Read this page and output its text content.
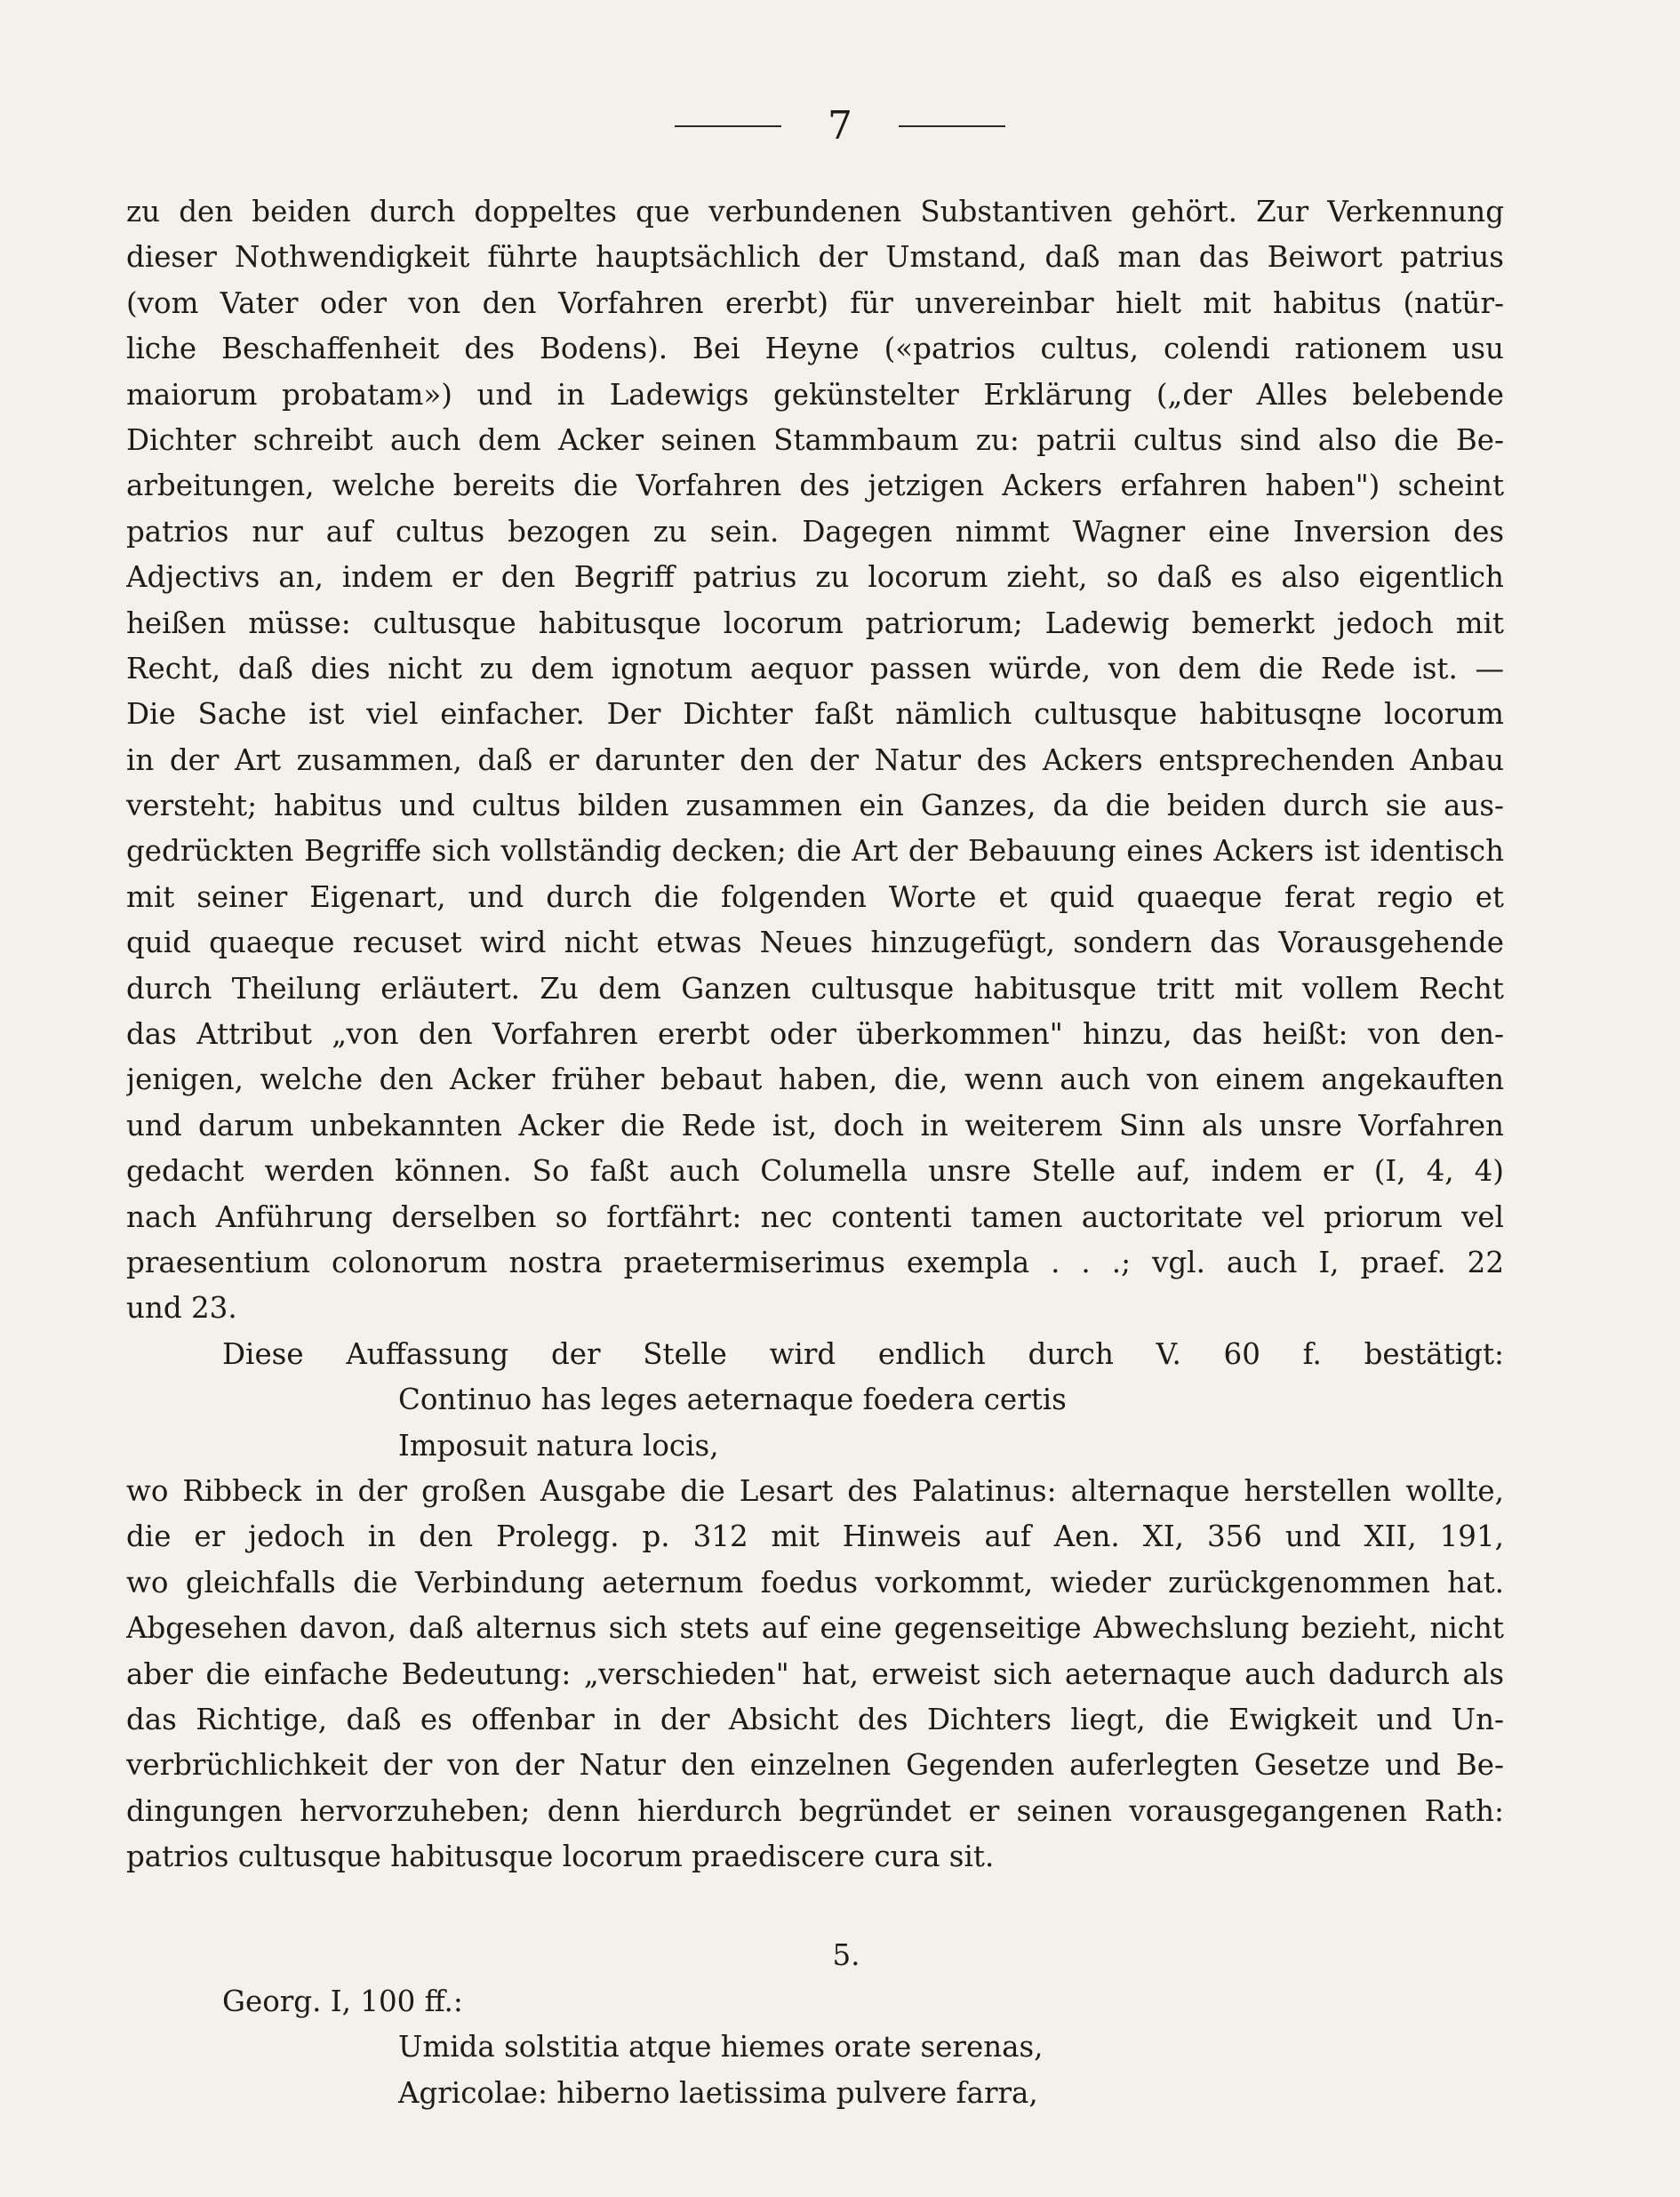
7
zu den beiden durch doppeltes que verbundenen Substantiven gehört. Zur Verkennung
dieser Nothwendigkeit führte hauptsächlich der Umstand, daß man das Beiwort patrius
(vom Vater oder von den Vorfahren ererbt) für unvereinbar hielt mit habitus (natür-
liche Beschaffenheit des Bodens). Bei Heyne («patrios cultus, colendi rationem usu
maiorum probatam») und in Ladewigs gekünstelter Erklärung („der Alles belebende
Dichter schreibt auch dem Acker seinen Stammbaum zu: patrii cultus sind also die Be-
arbeitungen, welche bereits die Vorfahren des jetzigen Ackers erfahren haben") scheint
patrios nur auf cultus bezogen zu sein. Dagegen nimmt Wagner eine Inversion des
Adjectivs an, indem er den Begriff patrius zu locorum zieht, so daß es also eigentlich
heißen müsse: cultusque habitusque locorum patriorum; Ladewig bemerkt jedoch mit
Recht, daß dies nicht zu dem ignotum aequor passen würde, von dem die Rede ist. —
Die Sache ist viel einfacher. Der Dichter faßt nämlich cultusque habitusqne locorum
in der Art zusammen, daß er darunter den der Natur des Ackers entsprechenden Anbau
versteht; habitus und cultus bilden zusammen ein Ganzes, da die beiden durch sie aus-
gedrückten Begriffe sich vollständig decken; die Art der Bebauung eines Ackers ist identisch
mit seiner Eigenart, und durch die folgenden Worte et quid quaeque ferat regio et
quid quaeque recuset wird nicht etwas Neues hinzugefügt, sondern das Vorausgehende
durch Theilung erläutert. Zu dem Ganzen cultusque habitusque tritt mit vollem Recht
das Attribut „von den Vorfahren ererbt oder überkommen" hinzu, das heißt: von den-
jenigen, welche den Acker früher bebaut haben, die, wenn auch von einem angekauften
und darum unbekannten Acker die Rede ist, doch in weiterem Sinn als unsre Vorfahren
gedacht werden können. So faßt auch Columella unsre Stelle auf, indem er (I, 4, 4)
nach Anführung derselben so fortfährt: nec contenti tamen auctoritate vel priorum vel
praesentium colonorum nostra praetermiserimus exempla . . .; vgl. auch I, praef. 22
und 23.
Diese Auffassung der Stelle wird endlich durch V. 60 f. bestätigt:
Continuo has leges aeternaque foedera certis
Imposuit natura locis,
wo Ribbeck in der großen Ausgabe die Lesart des Palatinus: alternaque herstellen wollte,
die er jedoch in den Prolegg. p. 312 mit Hinweis auf Aen. XI, 356 und XII, 191,
wo gleichfalls die Verbindung aeternum foedus vorkommt, wieder zurückgenommen hat.
Abgesehen davon, daß alternus sich stets auf eine gegenseitige Abwechslung bezieht, nicht
aber die einfache Bedeutung: „verschieden" hat, erweist sich aeternaque auch dadurch als
das Richtige, daß es offenbar in der Absicht des Dichters liegt, die Ewigkeit und Un-
verbrüchlichkeit der von der Natur den einzelnen Gegenden auferlegten Gesetze und Be-
dingungen hervorzuheben; denn hierdurch begründet er seinen vorausgegangenen Rath:
patrios cultusque habitusque locorum praediscere cura sit.
5.
Georg. I, 100 ff.:
Umida solstitia atque hiemes orate serenas,
Agricolae: hiberno laetissima pulvere farra,
